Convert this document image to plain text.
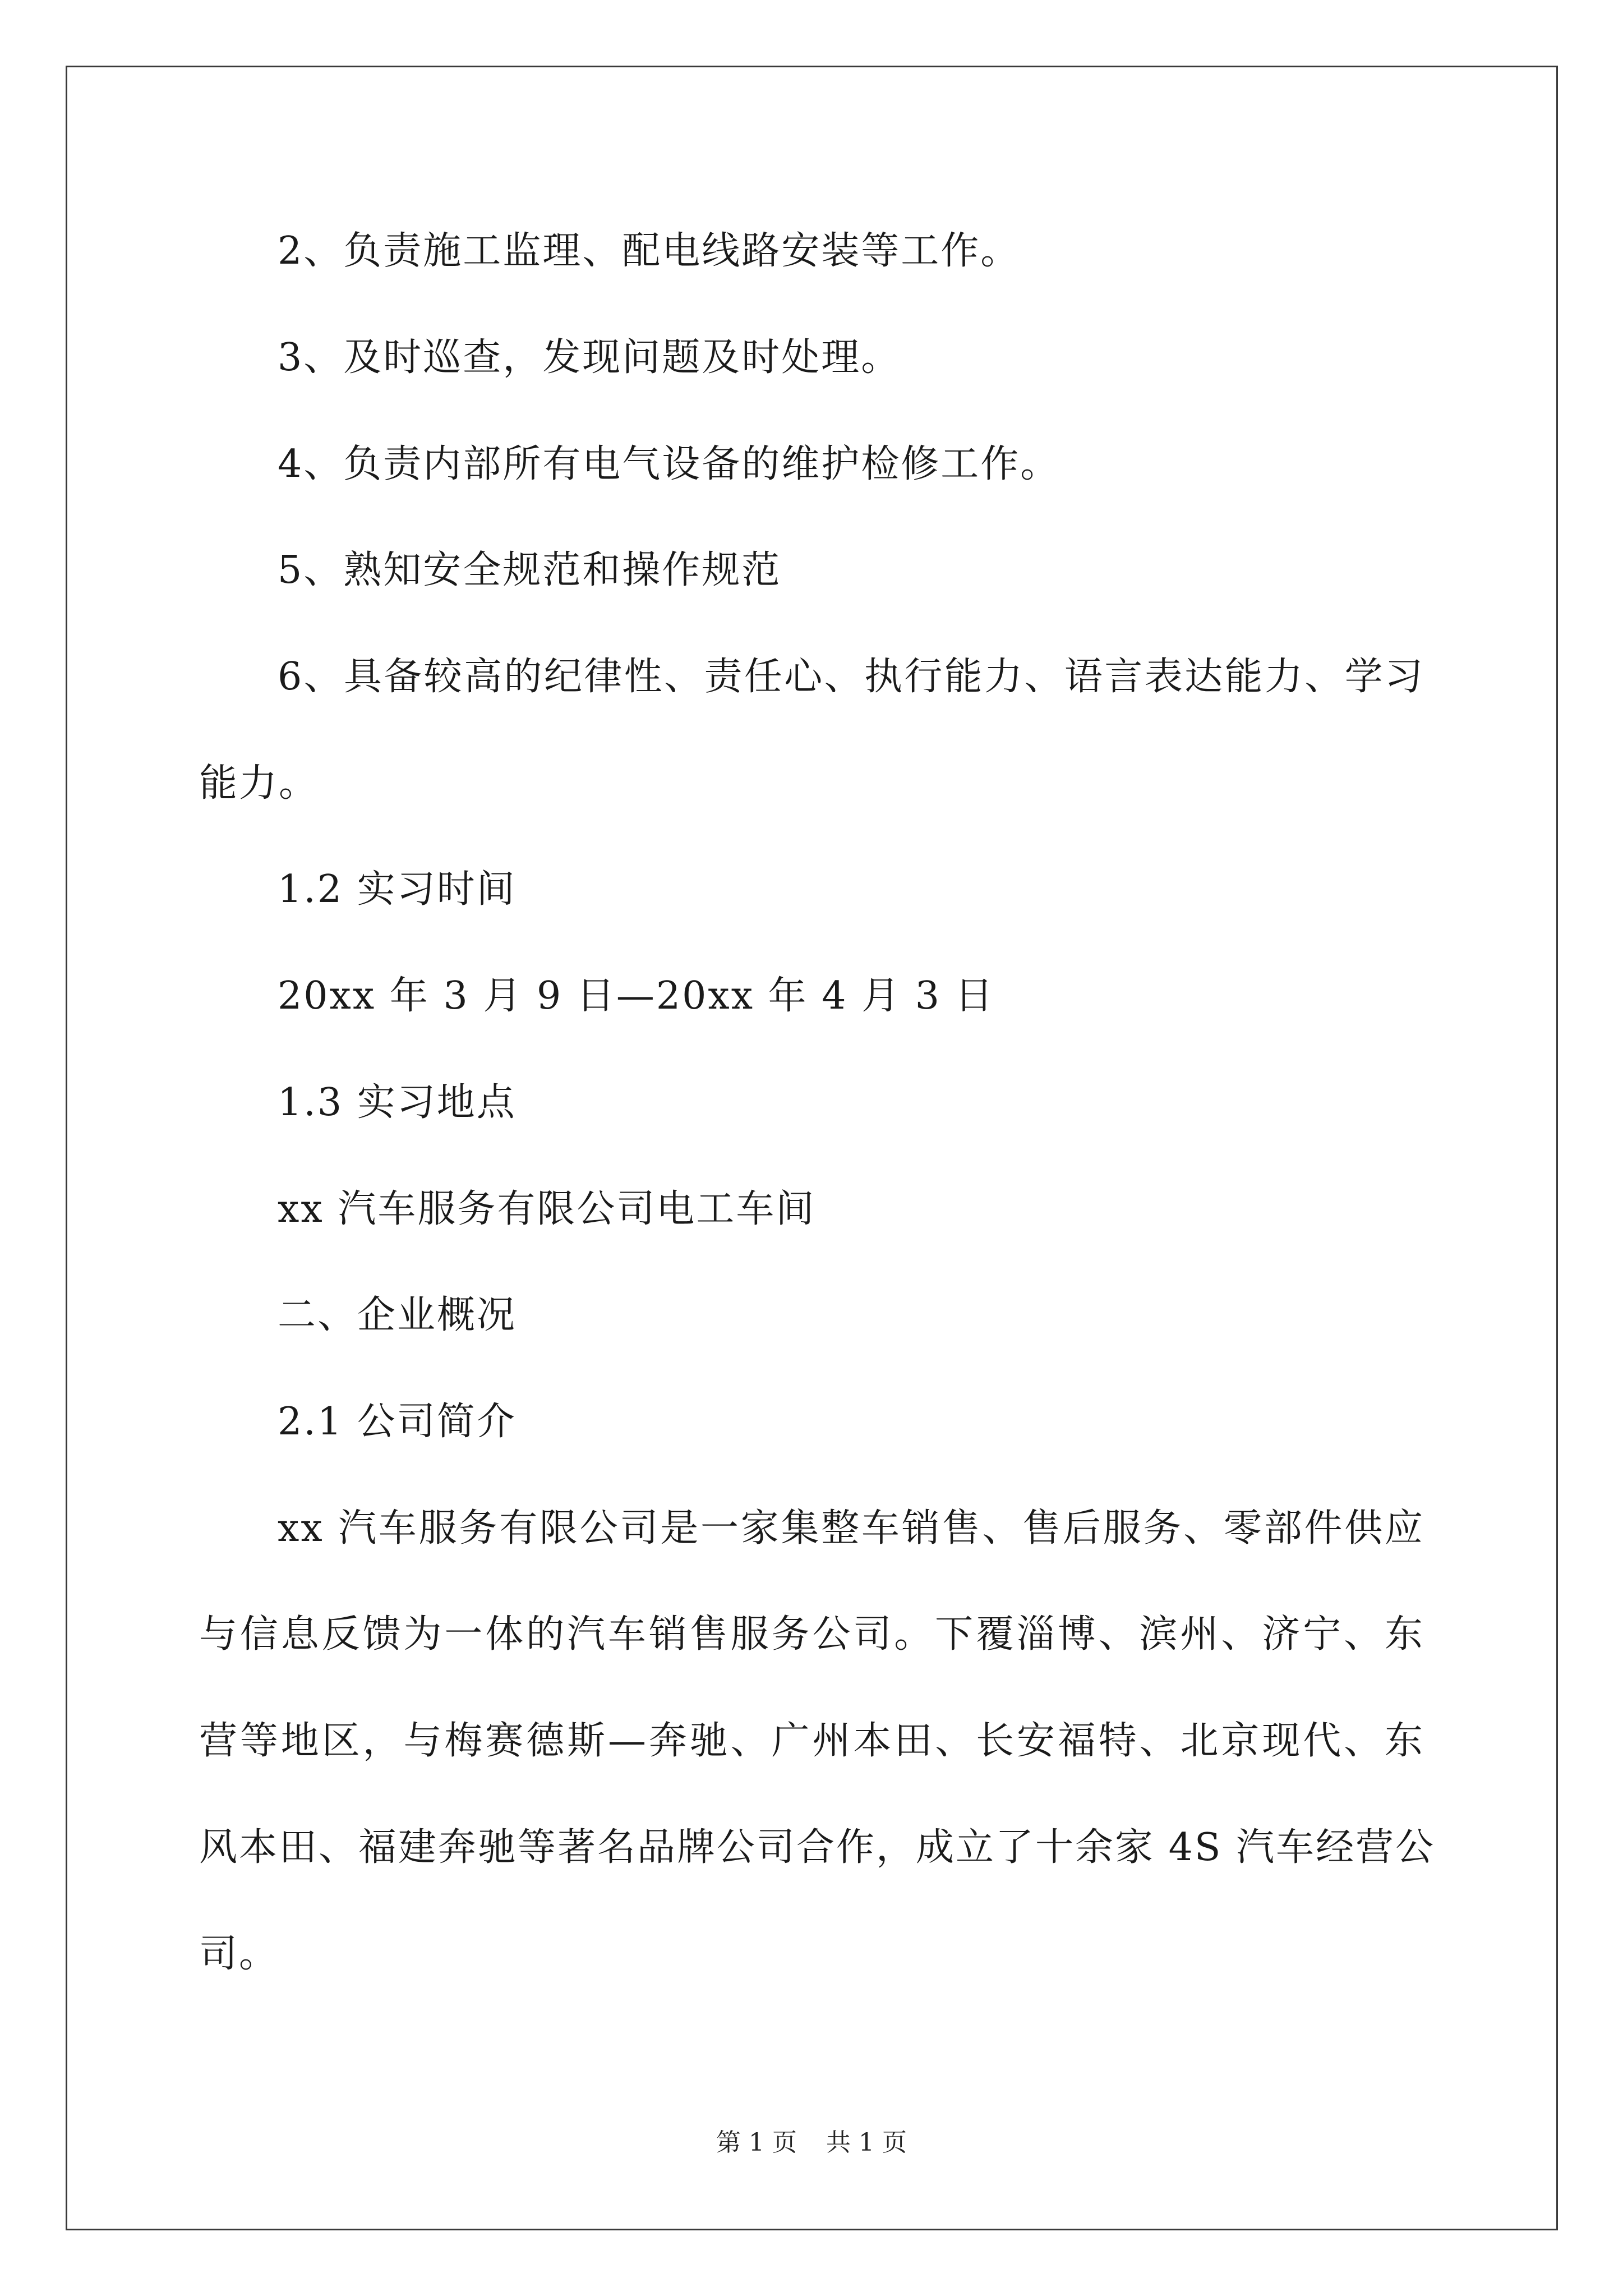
2、负责施工监理、配电线路安装等工作。
3、及时巡查，发现问题及时处理。
4、负责内部所有电气设备的维护检修工作。
5、熟知安全规范和操作规范
6、具备较高的纪律性、责任心、执行能力、语言表达能力、学习
能力。
1.2 实习时间
20xx 年 3 月 9 日—20xx 年 4 月 3 日
1.3 实习地点
xx 汽车服务有限公司电工车间
二、企业概况
2.1 公司简介
xx 汽车服务有限公司是一家集整车销售、售后服务、零部件供应
与信息反馈为一体的汽车销售服务公司。下覆淄博、滨州、济宁、东
营等地区，与梅赛德斯—奔驰、广州本田、长安福特、北京现代、东
风本田、福建奔驰等著名品牌公司合作，成立了十余家 4S 汽车经营公
司。
第 1 页 共 1 页
